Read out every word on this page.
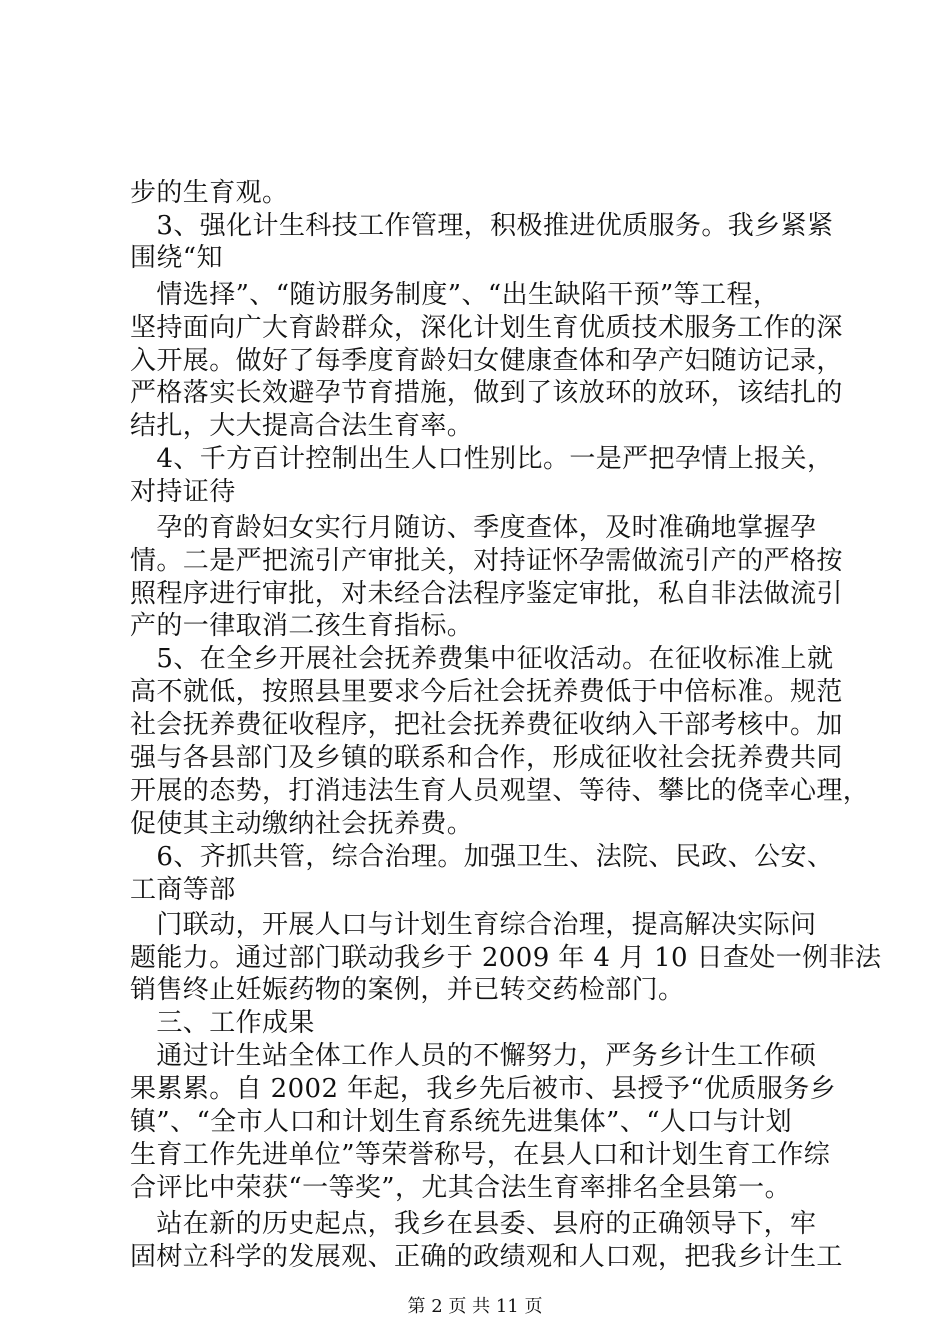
步的生育观。
　3、强化计生科技工作管理，积极推进优质服务。我乡紧紧
围绕“知
　情选择”、“随访服务制度”、“出生缺陷干预”等工程，
坚持面向广大育龄群众，深化计划生育优质技术服务工作的深
入开展。做好了每季度育龄妇女健康查体和孕产妇随访记录，
严格落实长效避孕节育措施，做到了该放环的放环，该结扎的
结扎，大大提高合法生育率。
　4、千方百计控制出生人口性别比。一是严把孕情上报关，
对持证待
　孕的育龄妇女实行月随访、季度查体，及时准确地掌握孕
情。二是严把流引产审批关，对持证怀孕需做流引产的严格按
照程序进行审批，对未经合法程序鉴定审批，私自非法做流引
产的一律取消二孩生育指标。
　5、在全乡开展社会抚养费集中征收活动。在征收标准上就
高不就低，按照县里要求今后社会抚养费低于中倍标准。规范
社会抚养费征收程序，把社会抚养费征收纳入干部考核中。加
强与各县部门及乡镇的联系和合作，形成征收社会抚养费共同
开展的态势，打消违法生育人员观望、等待、攀比的侥幸心理，
促使其主动缴纳社会抚养费。
　6、齐抓共管，综合治理。加强卫生、法院、民政、公安、
工商等部
　门联动，开展人口与计划生育综合治理，提高解决实际问
题能力。通过部门联动我乡于 2009 年 4 月 10 日查处一例非法
销售终止妊娠药物的案例，并已转交药检部门。
　三、工作成果
　通过计生站全体工作人员的不懈努力，严务乡计生工作硕
果累累。自 2002 年起，我乡先后被市、县授予“优质服务乡
镇”、“全市人口和计划生育系统先进集体”、“人口与计划
生育工作先进单位”等荣誉称号，在县人口和计划生育工作综
合评比中荣获“一等奖”，尤其合法生育率排名全县第一。
　站在新的历史起点，我乡在县委、县府的正确领导下，牢
固树立科学的发展观、正确的政绩观和人口观，把我乡计生工
第 2 页 共 11 页
